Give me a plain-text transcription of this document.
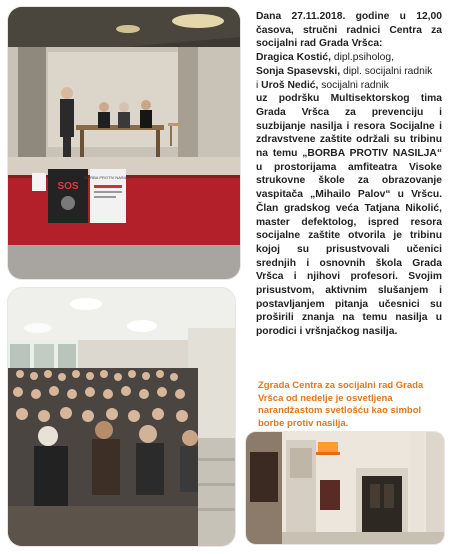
SOS
BORBA PROTIV NASILJA
Dana 27.11.2018. godine u 12,00 časova, stručni radnici Centra za socijalni rad Grada Vršca:
Dragica Kostić, dipl.psiholog,
Sonja Spasevski, dipl. socijalni radnik
i Uroš Nedić, socijalni radnik
uz podršku Multisektorskog tima Grada Vršca za prevenciju i suzbijanje nasilja i resora Socijalne i zdravstvene zaštite održali su tribinu na temu „BORBA PROTIV NASILJA“ u prostorijama amfiteatra Visoke strukovne škole za obrazovanje vaspitača „Mihailo Palov“ u Vršcu. Član gradskog veća Tatjana Nikolić, master defektolog, ispred resora socijalne zaštite otvorila je tribinu kojoj su prisustvovali učenici srednjih i osnovnih škola Grada Vršca i njihovi profesori. Svojim prisustvom, aktivnim slušanjem i postavljanjem pitanja učesnici su proširili znanja na temu nasilja u porodici i vršnjačkog nasilja.
Zgrada Centra za socijalni rad Grada Vršca od nedelje je osvetljena narandžastom svetlošću kao simbol borbe protiv nasilja.
